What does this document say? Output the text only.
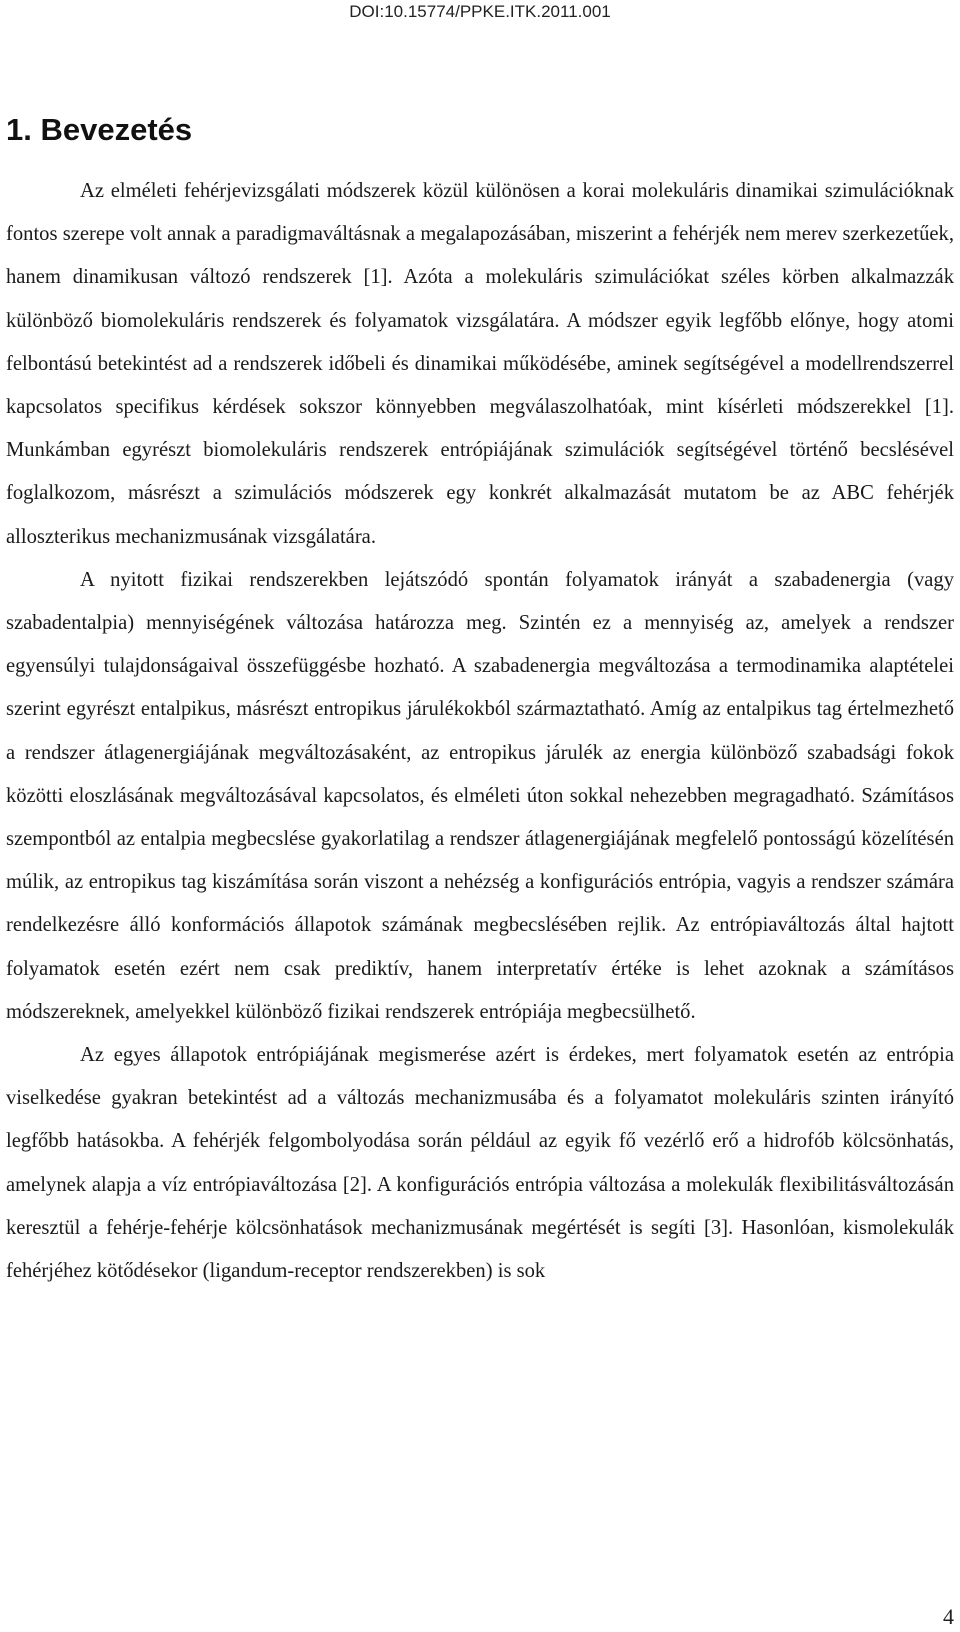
DOI:10.15774/PPKE.ITK.2011.001
1. Bevezetés

Az elméleti fehérjevizsgálati módszerek közül különösen a korai molekuláris dinamikai szimulációknak fontos szerepe volt annak a paradigmaváltásnak a megalapozásában, miszerint a fehérjék nem merev szerkezetűek, hanem dinamikusan változó rendszerek [1]. Azóta a molekuláris szimulációkat széles körben alkalmazzák különböző biomolekuláris rendszerek és folyamatok vizsgálatára. A módszer egyik legfőbb előnye, hogy atomi felbontású betekintést ad a rendszerek időbeli és dinamikai működésébe, aminek segítségével a modellrendszerrel kapcsolatos specifikus kérdések sokszor könnyebben megválaszolhatóak, mint kísérleti módszerekkel [1]. Munkámban egyrészt biomolekuláris rendszerek entrópiájának szimulációk segítségével történő becslésével foglalkozom, másrészt a szimulációs módszerek egy konkrét alkalmazását mutatom be az ABC fehérjék alloszterikus mechanizmusának vizsgálatára.

A nyitott fizikai rendszerekben lejátszódó spontán folyamatok irányát a szabadenergia (vagy szabadentalpia) mennyiségének változása határozza meg. Szintén ez a mennyiség az, amelyek a rendszer egyensúlyi tulajdonságaival összefüggésbe hozható. A szabadenergia megváltozása a termodinamika alaptételei szerint egyrészt entalpikus, másrészt entropikus járulékokból származtatható. Amíg az entalpikus tag értelmezhető a rendszer átlagenergiájának megváltozásaként, az entropikus járulék az energia különböző szabadsági fokok közötti eloszlásának megváltozásával kapcsolatos, és elméleti úton sokkal nehezebben megragadható. Számításos szempontból az entalpia megbecslése gyakorlatilag a rendszer átlagenergiájának megfelelő pontosságú közelítésén múlik, az entropikus tag kiszámítása során viszont a nehézség a konfigurációs entrópia, vagyis a rendszer számára rendelkezésre álló konformációs állapotok számának megbecslésében rejlik. Az entrópiaváltozás által hajtott folyamatok esetén ezért nem csak prediktív, hanem interpretatív értéke is lehet azoknak a számításos módszereknek, amelyekkel különböző fizikai rendszerek entrópiája megbecsülhető.

Az egyes állapotok entrópiájának megismerése azért is érdekes, mert folyamatok esetén az entrópia viselkedése gyakran betekintést ad a változás mechanizmusába és a folyamatot molekuláris szinten irányító legfőbb hatásokba. A fehérjék felgombolyodása során például az egyik fő vezérlő erő a hidrofób kölcsönhatás, amelynek alapja a víz entrópiaváltozása [2]. A konfigurációs entrópia változása a molekulák flexibilitásváltozásán keresztül a fehérje-fehérje kölcsönhatások mechanizmusának megértését is segíti [3]. Hasonlóan, kismolekulák fehérjéhez kötődésekor (ligandum-receptor rendszerekben) is sok

4
